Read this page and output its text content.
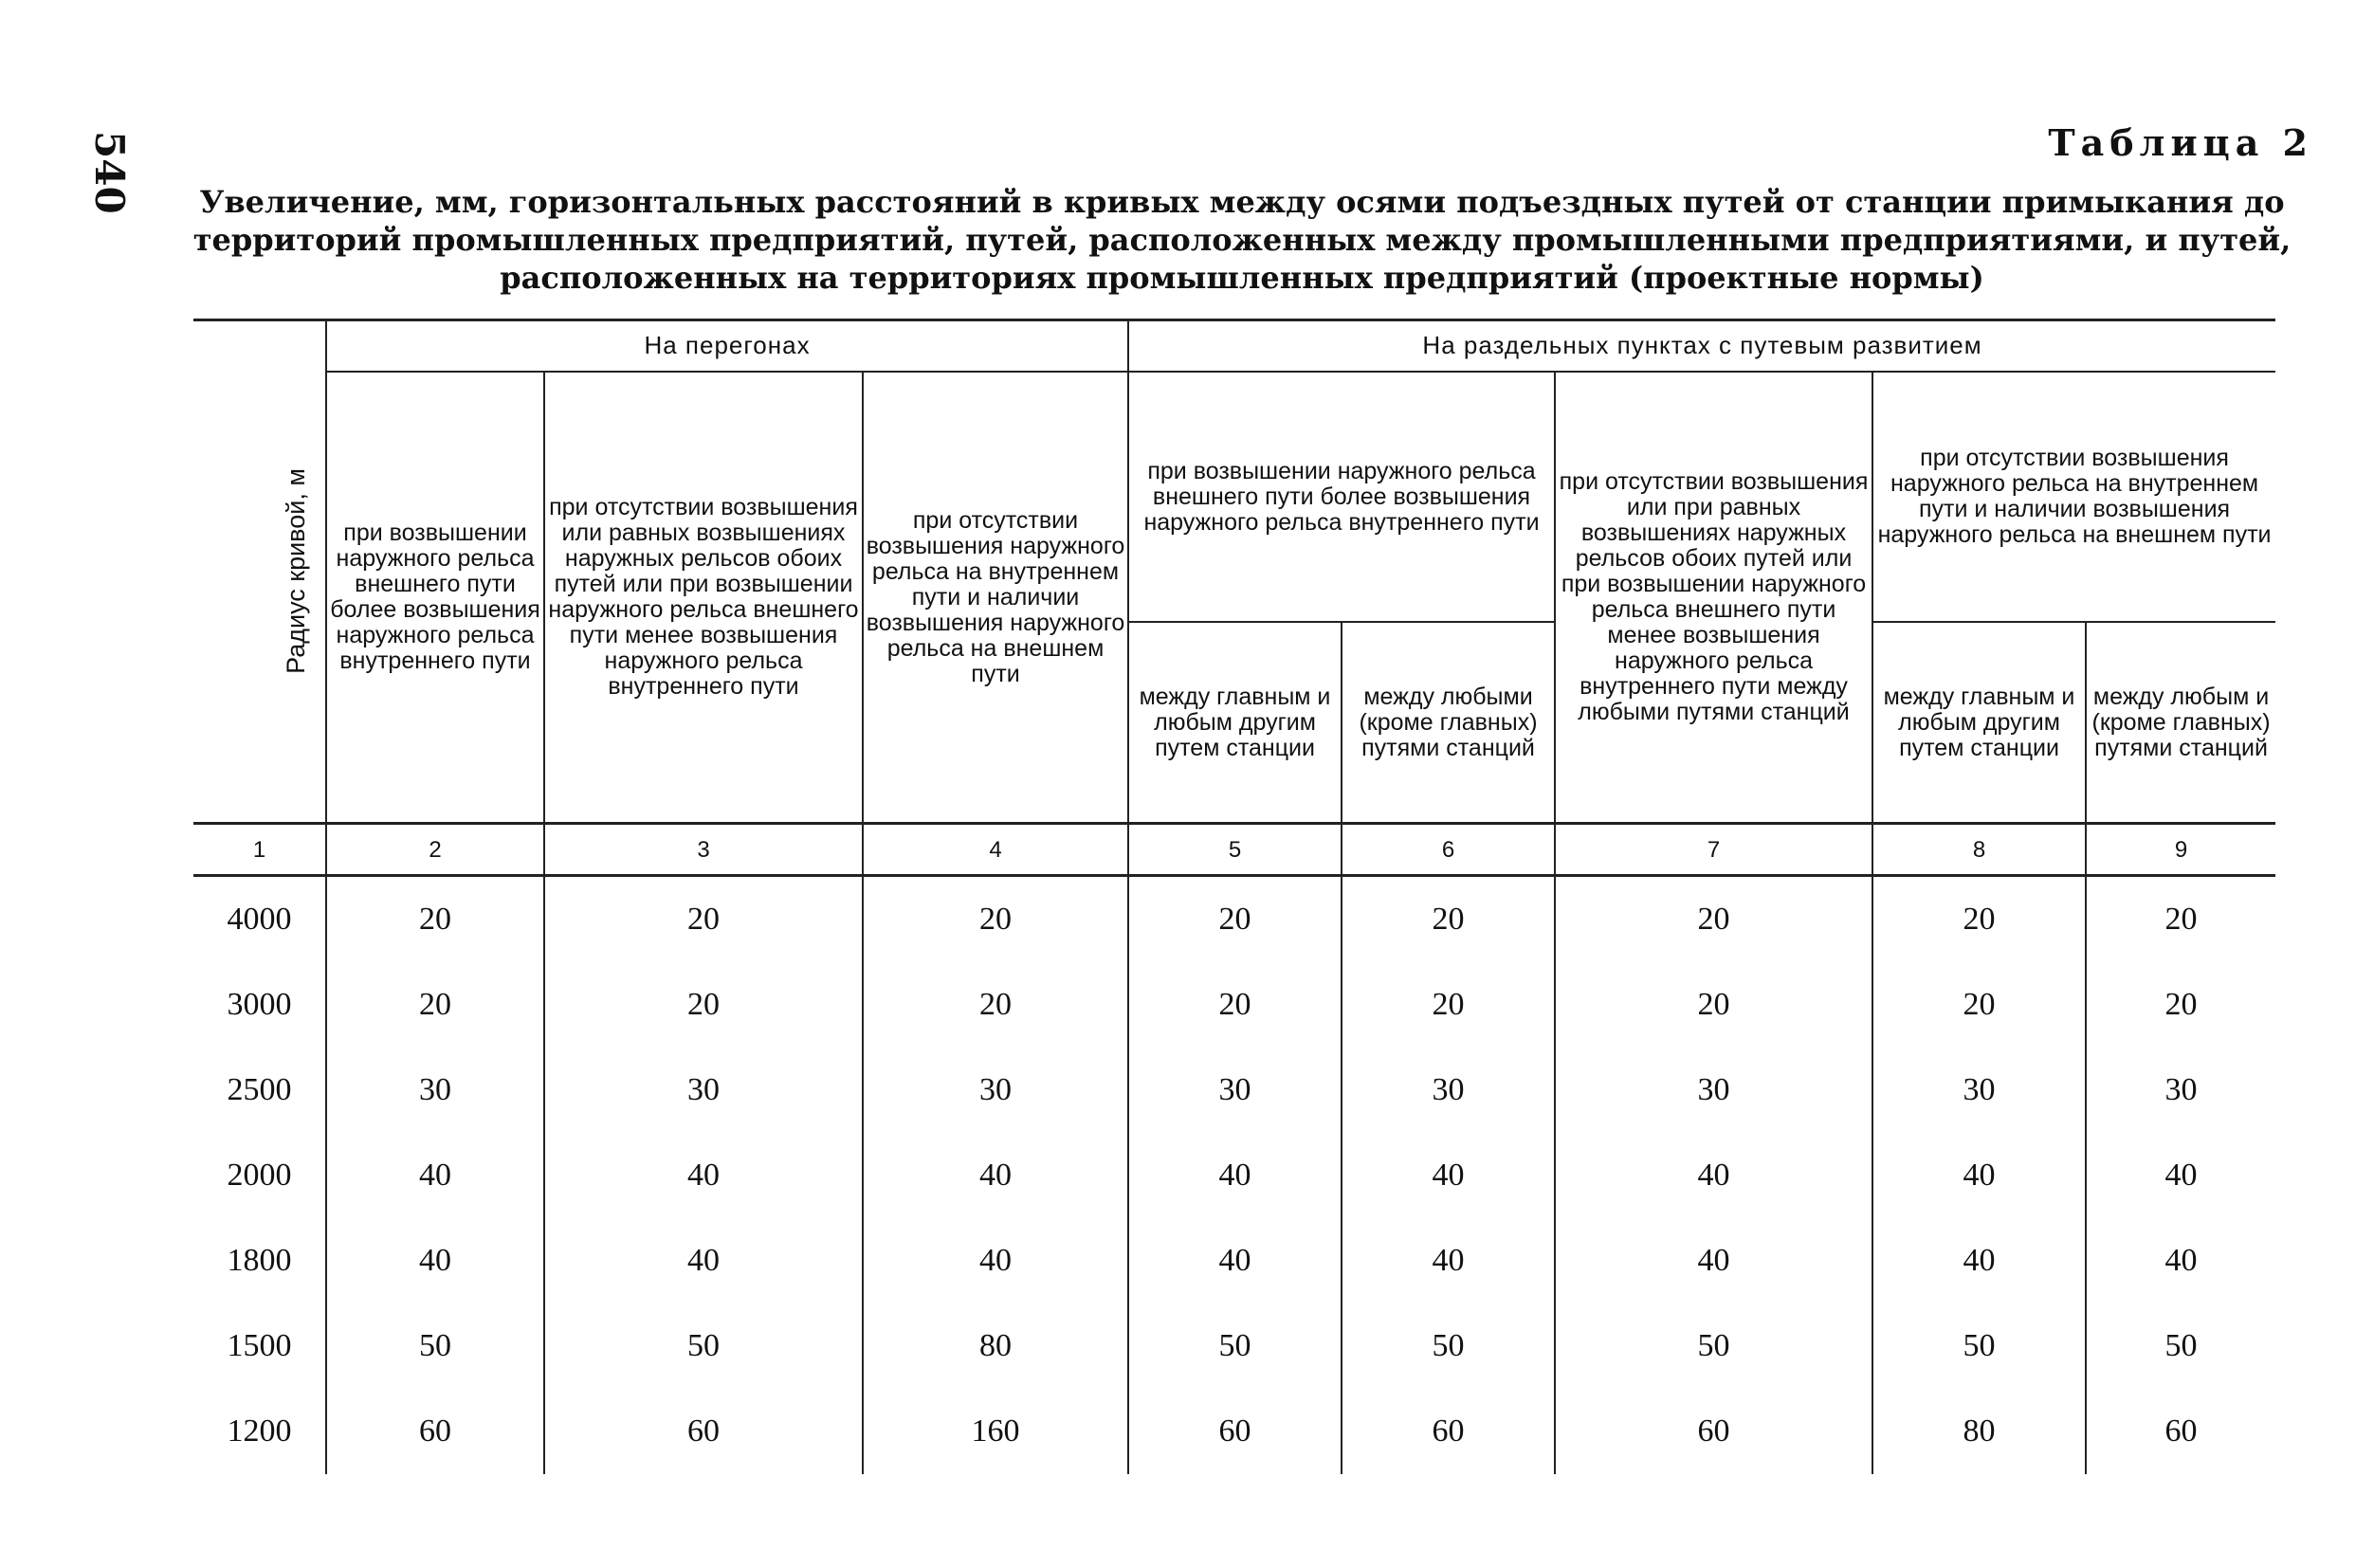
540	Таблица 2
Увеличение, мм, горизонтальных расстояний в кривых между осями подъездных путей от станции примыкания до территорий промышленных предприятий, путей, расположенных между промышленными предприятиями, и путей, расположенных на территориях промышленных предприятий (проектные нормы)
Радиус кривой, м	На перегонах			На раздельных пунктах с путевым развитием				
	при возвышении наружного рельса внешнего пути более возвышения наружного рельса внутреннего пути	при отсутствии возвышения или равных возвышениях наружных рельсов обоих путей или при возвышении наружного рельса внешнего пути менее возвышения наружного рельса внутреннего пути	при отсутствии возвышения наружного рельса на внутреннем пути и наличии возвышения наружного рельса на внешнем пути	при возвышении наружного рельса внешнего пути более возвышения наружного рельса внутреннего пути		при отсутствии возвышения или при равных возвышениях наружных рельсов обоих путей или при возвышении наружного рельса внешнего пути менее возвышения наружного рельса внутреннего пути между любыми путями станций	при отсутствии возвышения наружного рельса на внутреннем пути и наличии возвышения наружного рельса на внешнем пути	
				между главным и любым другим путем станции	между любыми (кроме главных) путями станций		между главным и любым другим путем станции	между любым и (кроме главных) путями станций
1	2	3	4	5	6	7	8	9
4000	20	20	20	20	20	20	20	20
3000	20	20	20	20	20	20	20	20
2500	30	30	30	30	30	30	30	30
2000	40	40	40	40	40	40	40	40
1800	40	40	40	40	40	40	40	40
1500	50	50	80	50	50	50	50	50
1200	60	60	160	60	60	60	80	60
